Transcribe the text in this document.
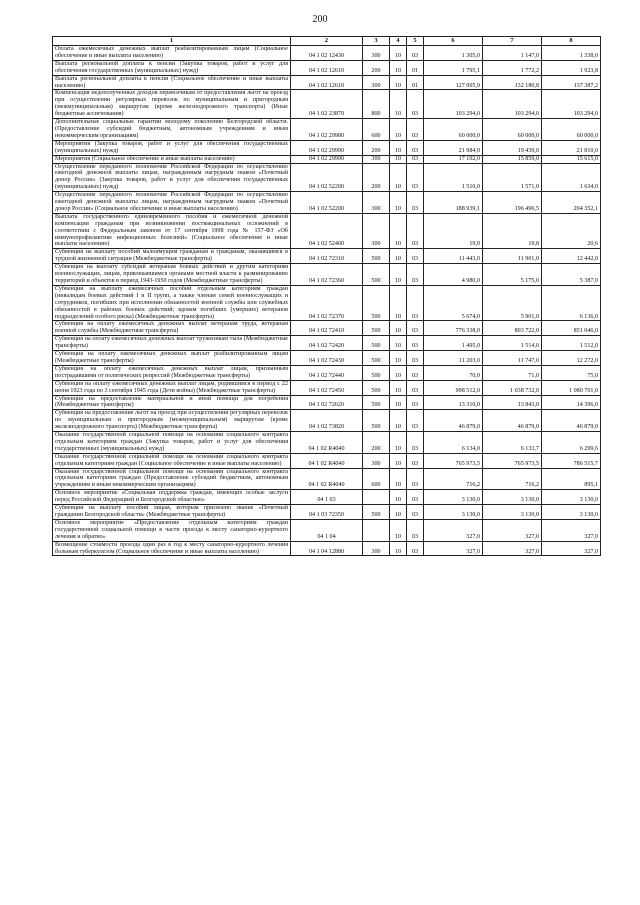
200
1	2	3	4	5	6	7	8
Оплата ежемесячных денежных выплат реабилитированным лицам (Социальное обеспечение и иные выплаты населению)	04 1 02 12430	300	10	03	1 305,0	1 147,0	1 338,0
Выплата региональной доплаты к пенсии (Закупка товаров, работ и услуг для обеспечения государственных (муниципальных) нужд)	04 1 02 12610	200	10	01	1 795,1	1 772,2	1 923,8
Выплата региональной доплаты к пенсии (Социальное обеспечение и иные выплаты населению)	04 1 02 12610	300	10	01	127 005,9	132 180,8	137 387,2
Компенсация недополученных доходов перевозчикам от предоставления льгот на проезд при осуществлении регулярных перевозок по муниципальным и пригородным (межмуниципальным) маршрутам (кроме железнодорожного транспорта) (Иные бюджетные ассигнования)	04 1 02 23870	800	10	03	103 294,0	103 294,0	103 294,0
Дополнительные социальные гарантии молодому поколению Белгородской области. (Предоставление субсидий бюджетным, автономным учреждениям и иным некоммерческим организациям)	04 1 02 29980	600	10	03	60 000,0	60 000,0	60 000,0
Мероприятия (Закупка товаров, работ и услуг для обеспечения государственных (муниципальных) нужд)	04 1 02 29990	200	10	03	21 984,0	19 439,0	21 810,0
Мероприятия (Социальное обеспечение и иные выплаты населению)	04 1 02 29990	300	10	03	17 102,0	15 859,0	15 615,0
Осуществление переданного полномочия Российской Федерации по осуществлению ежегодной денежной выплаты лицам, награжденным нагрудным знаком «Почетный донор России» (Закупка товаров, работ и услуг для обеспечения государственных (муниципальных) нужд)	04 1 02 52200	200	10	03	1 510,0	1 571,0	1 634,0
Осуществление переданного полномочия Российской Федерации по осуществлению ежегодной денежной выплаты лицам, награжденным нагрудным знаком «Почетный донор России» (Социальное обеспечение и иные выплаты населению)	04 1 02 52200	300	10	03	188 939,1	196 496,5	204 352,1
Выплата государственного единовременного пособия и ежемесячной денежной компенсации гражданам при возникновении поствакцинальных осложнений в соответствии с Федеральным законом от 17 сентября 1998 года № 157-ФЗ «Об иммунопрофилактике инфекционных болезней» (Социальное обеспечение и иные выплаты населению)	04 1 02 52400	300	10	03	19,0	19,8	20,6
Субвенция на выплату пособий малоимущим гражданам и гражданам, оказавшимся в трудной жизненной ситуации (Межбюджетные трансферты)	04 1 02 72310	500	10	03	11 443,0	11 901,0	12 442,0
Субвенция на выплату субсидий ветеранам боевых действий и другим категориям военнослужащих, лицам, привлекавшимся органами местной власти к разминированию территорий и объектов в период 1943-1950 годов (Межбюджетные трансферты)	04 1 02 72360	500	10	03	4 980,0	5 175,0	5 387,0
Субвенции на выплату ежемесячных пособий отдельным категориям граждан (инвалидам боевых действий I и II групп, а также членам семей военнослужащих и сотрудников, погибших при исполнении обязанностей военной службы или служебных обязанностей в районах боевых действий; вдовам погибших (умерших) ветеранов подразделений особого риска) (Межбюджетные трансферты)	04 1 02 72370	500	10	03	5 674,0	5 901,0	6 136,0
Субвенция на оплату ежемесячных денежных выплат ветеранам труда, ветеранам военной службы (Межбюджетные трансферты)	04 1 02 72410	500	10	03	776 338,0	803 722,0	851 046,0
Субвенция на оплату ежемесячных денежных выплат труженикам тыла (Межбюджетные трансферты)	04 1 02 72420	500	10	03	1 495,0	1 514,0	1 512,0
Субвенция на оплату ежемесячных денежных выплат реабилитированным лицам (Межбюджетные трансферты)	04 1 02 72430	500	10	03	11 203,0	11 747,0	12 272,0
Субвенция на оплату ежемесячных денежных выплат лицам, признанным пострадавшими от политических репрессий (Межбюджетные трансферты)	04 1 02 72440	500	10	03	70,0	71,0	75,0
Субвенция на оплату ежемесячных денежных выплат лицам, родившимся в период с 22 июня 1923 года по 3 сентября 1945 года (Дети войны) (Межбюджетные трансферты)	04 1 02 72450	500	10	03	998 512,0	1 038 732,0	1 080 701,0
Субвенция на предоставление материальной и иной помощи для погребения (Межбюджетные трансферты)	04 1 02 72620	500	10	03	13 310,0	13 843,0	14 396,0
Субвенция на предоставление льгот на проезд при осуществлении регулярных перевозок по муниципальным и пригородным (межмуниципальным) маршрутам (кроме железнодорожного транспорта) (Межбюджетные трансферты)	04 1 02 73820	500	10	03	46 879,0	46 879,0	46 879,0
Оказание государственной социальной помощи на основании социального контракта отдельным категориям граждан (Закупка товаров, работ и услуг для обеспечения государственных (муниципальных) нужд)	04 1 02 R4040	200	10	03	6 134,0	6 133,7	6 299,6
Оказание государственной социальной помощи на основании социального контракта отдельным категориям граждан (Социальное обеспечение и иные выплаты населению)	04 1 02 R4040	300	10	03	765 973,5	765 973,5	786 515,7
Оказание государственной социальной помощи на основании социального контракта отдельным категориям граждан (Предоставление субсидий бюджетным, автономным учреждениям и иным некоммерческим организациям)	04 1 02 R4040	600	10	03	716,2	716,2	895,1
Основное мероприятие «Социальная поддержка граждан, имеющих особые заслуги перед Российской Федерацией и Белгородской областью»	04 1 03		10	03	3 130,0	3 130,0	3 130,0
Субвенции на выплату пособий лицам, которым присвоено звание «Почетный гражданин Белгородской области» (Межбюджетные трансферты)	04 1 03 72350	500	10	03	3 130,0	3 130,0	3 130,0
Основное мероприятие «Предоставление отдельным категориям граждан государственной социальной помощи в части проезда к месту санаторно-курортного лечения и обратно»	04 1 04		10	03	327,0	327,0	327,0
Возмещение стоимости проезда один раз в год к месту санаторно-курортного лечения больным туберкулезом (Социальное обеспечение и иные выплаты населению)	04 1 04 12880	300	10	03	327,0	327,0	327,0
